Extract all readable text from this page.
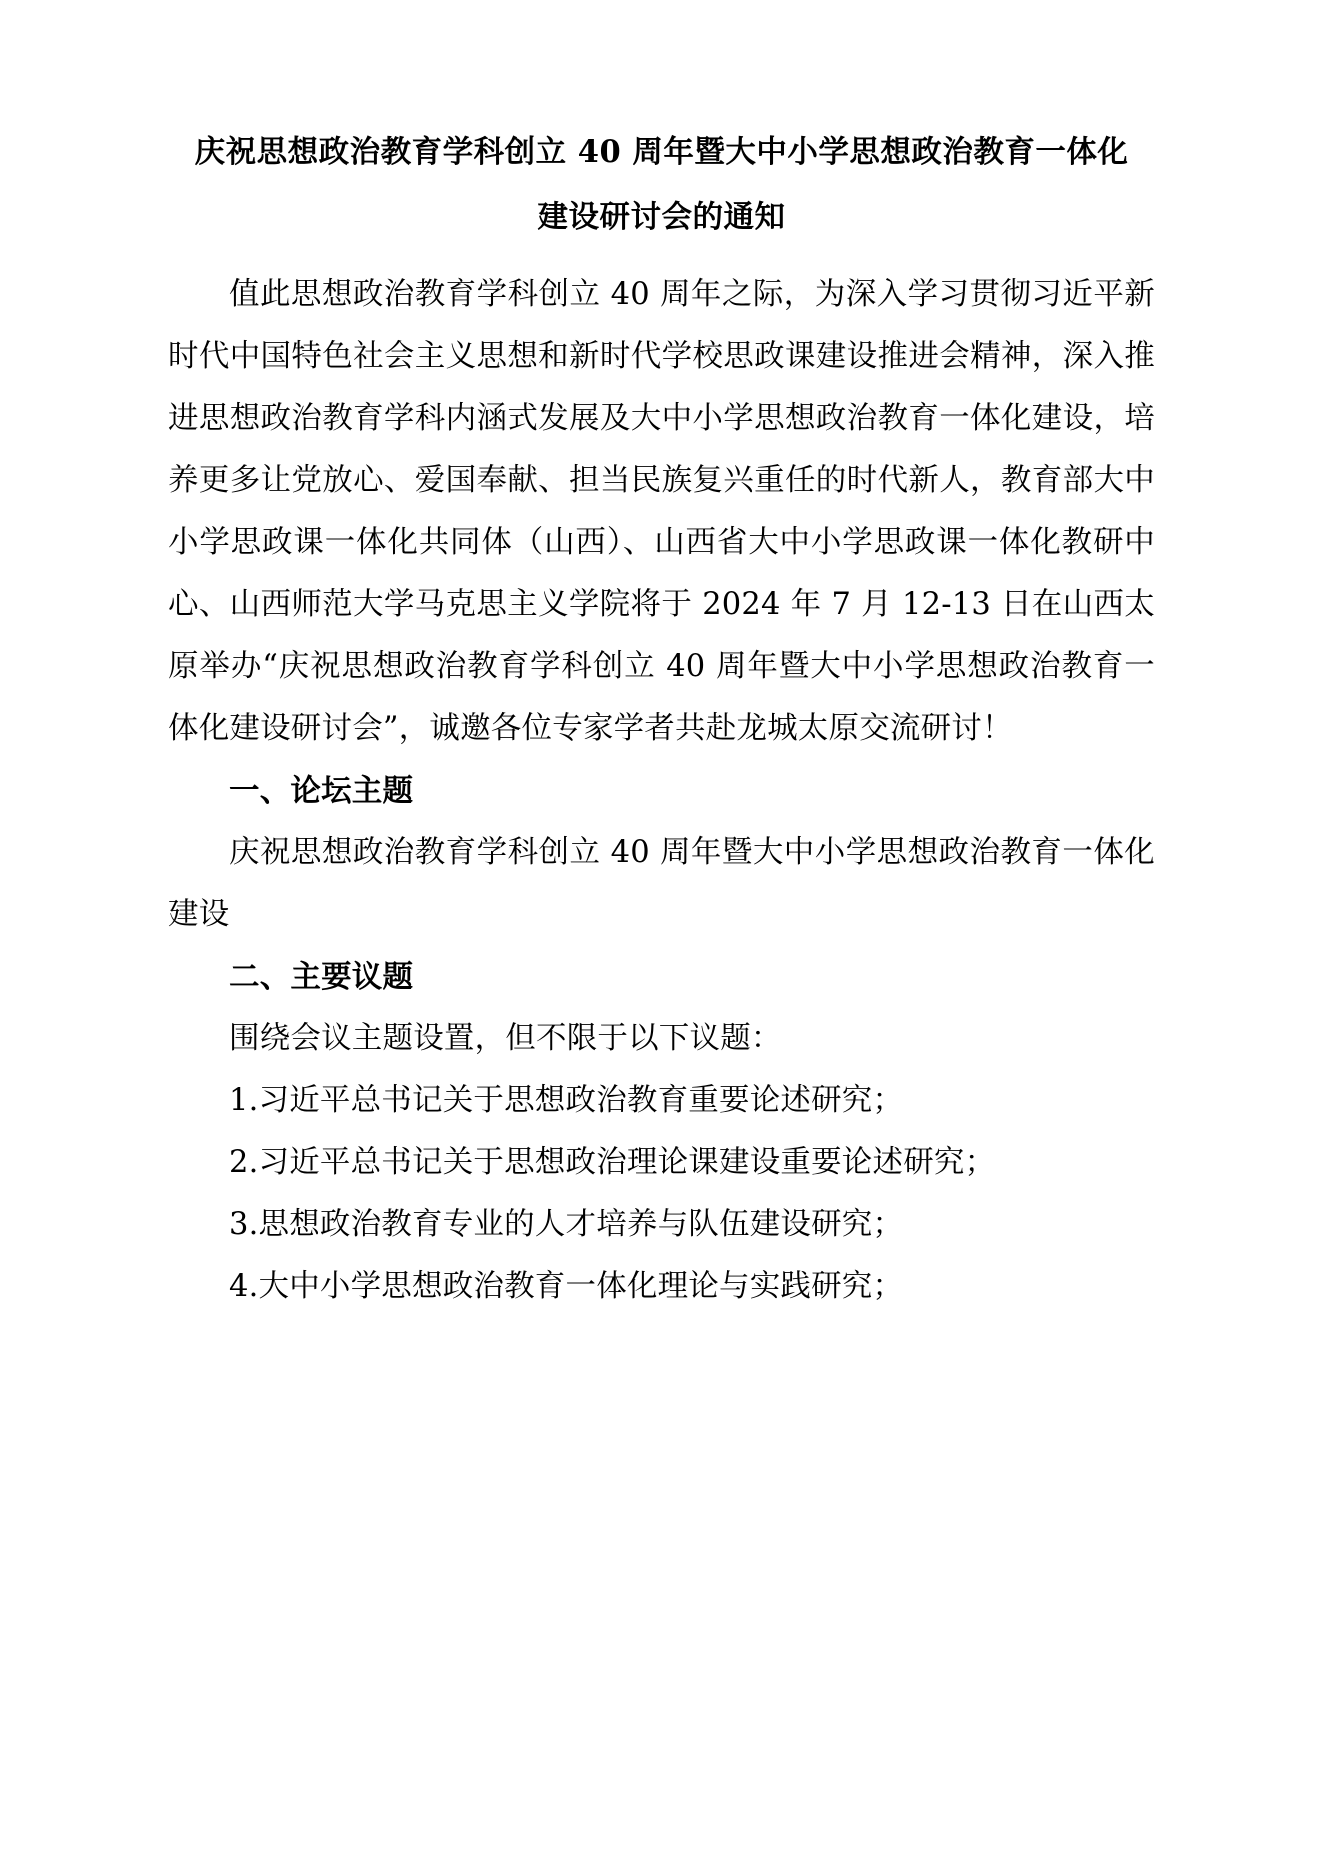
庆祝思想政治教育学科创立 40 周年暨大中小学思想政治教育一体化
建设研讨会的通知

值此思想政治教育学科创立 40 周年之际，为深入学习贯彻习近平新时代中国特色社会主义思想和新时代学校思政课建设推进会精神，深入推进思想政治教育学科内涵式发展及大中小学思想政治教育一体化建设，培养更多让党放心、爱国奉献、担当民族复兴重任的时代新人，教育部大中小学思政课一体化共同体（山西）、山西省大中小学思政课一体化教研中心、山西师范大学马克思主义学院将于 2024 年 7 月 12-13 日在山西太原举办“庆祝思想政治教育学科创立 40 周年暨大中小学思想政治教育一体化建设研讨会”，诚邀各位专家学者共赴龙城太原交流研讨！

一、论坛主题

庆祝思想政治教育学科创立 40 周年暨大中小学思想政治教育一体化建设

二、主要议题

围绕会议主题设置，但不限于以下议题：

1.习近平总书记关于思想政治教育重要论述研究；

2.习近平总书记关于思想政治理论课建设重要论述研究；

3.思想政治教育专业的人才培养与队伍建设研究；

4.大中小学思想政治教育一体化理论与实践研究；
